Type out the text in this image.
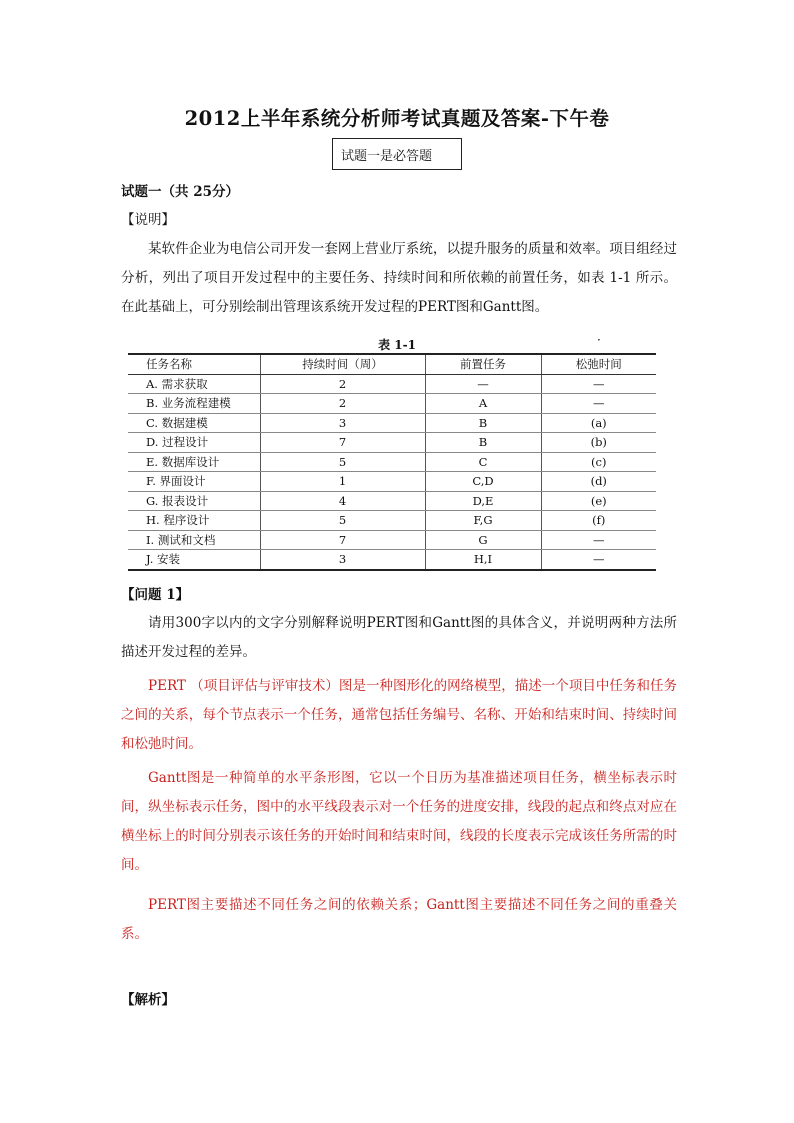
2012上半年系统分析师考试真题及答案-下午卷
试题一是必答题
试题一（共 25分）
【说明】

某软件企业为电信公司开发一套网上营业厅系统，以提升服务的质量和效率。项目组经过分析，列出了项目开发过程中的主要任务、持续时间和所依赖的前置任务，如表 1-1 所示。在此基础上，可分别绘制出管理该系统开发过程的PERT图和Gantt图。

表 1-1	·
任务名称	持续时间（周）	前置任务	松弛时间
A. 需求获取	2	—	—
B. 业务流程建模	2	A	—
C. 数据建模	3	B	(a)
D. 过程设计	7	B	(b)
E. 数据库设计	5	C	(c)
F. 界面设计	1	C,D	(d)
G. 报表设计	4	D,E	(e)
H. 程序设计	5	F,G	(f)
I. 测试和文档	7	G	—
J. 安装	3	H,I	—
【问题 1】

请用300字以内的文字分别解释说明PERT图和Gantt图的具体含义，并说明两种方法所描述开发过程的差异。

PERT （项目评估与评审技术）图是一种图形化的网络模型，描述一个项目中任务和任务之间的关系，每个节点表示一个任务，通常包括任务编号、名称、开始和结束时间、持续时间和松弛时间。

Gantt图是一种简单的水平条形图，它以一个日历为基准描述项目任务，横坐标表示时间，纵坐标表示任务，图中的水平线段表示对一个任务的进度安排，线段的起点和终点对应在横坐标上的时间分别表示该任务的开始时间和结束时间，线段的长度表示完成该任务所需的时间。

PERT图主要描述不同任务之间的依赖关系；Gantt图主要描述不同任务之间的重叠关系。

【解析】
